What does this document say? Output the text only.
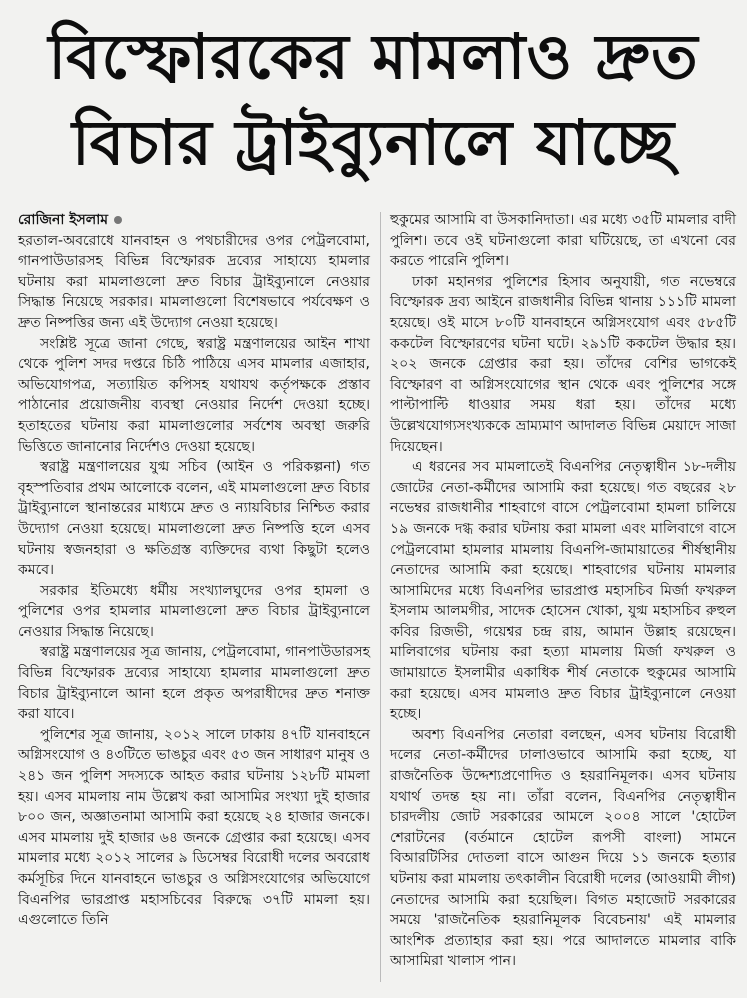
বিস্ফোরকের মামলাও দ্রুত
বিচার ট্রাইব্যুনালে যাচ্ছে
রোজিনা ইসলাম

হরতাল-অবরোধে যানবাহন ও পথচারীদের ওপর পেট্রলবোমা, গানপাউডারসহ বিভিন্ন বিস্ফোরক দ্রব্যের সাহায্যে হামলার ঘটনায় করা মামলাগুলো দ্রুত বিচার ট্রাইব্যুনালে নেওয়ার সিদ্ধান্ত নিয়েছে সরকার। মামলাগুলো বিশেষভাবে পর্যবেক্ষণ ও দ্রুত নিষ্পত্তির জন্য এই উদ্যোগ নেওয়া হয়েছে।

সংশ্লিষ্ট সূত্রে জানা গেছে, স্বরাষ্ট্র মন্ত্রণালয়ের আইন শাখা থেকে পুলিশ সদর দপ্তরে চিঠি পাঠিয়ে এসব মামলার এজাহার, অভিযোগপত্র, সত্যায়িত কপিসহ যথাযথ কর্তৃপক্ষকে প্রস্তাব পাঠানোর প্রয়োজনীয় ব্যবস্থা নেওয়ার নির্দেশ দেওয়া হচ্ছে। হতাহতের ঘটনায় করা মামলাগুলোর সর্বশেষ অবস্থা জরুরি ভিত্তিতে জানানোর নির্দেশও দেওয়া হয়েছে।

স্বরাষ্ট্র মন্ত্রণালয়ের যুগ্ম সচিব (আইন ও পরিকল্পনা) গত বৃহস্পতিবার প্রথম আলোকে বলেন, এই মামলাগুলো দ্রুত বিচার ট্রাইব্যুনালে স্থানান্তরের মাধ্যমে দ্রুত ও ন্যায়বিচার নিশ্চিত করার উদ্যোগ নেওয়া হয়েছে। মামলাগুলো দ্রুত নিষ্পত্তি হলে এসব ঘটনায় স্বজনহারা ও ক্ষতিগ্রস্ত ব্যক্তিদের ব্যথা কিছুটা হলেও কমবে।

সরকার ইতিমধ্যে ধর্মীয় সংখ্যালঘুদের ওপর হামলা ও পুলিশের ওপর হামলার মামলাগুলো দ্রুত বিচার ট্রাইব্যুনালে নেওয়ার সিদ্ধান্ত নিয়েছে।

স্বরাষ্ট্র মন্ত্রণালয়ের সূত্র জানায়, পেট্রলবোমা, গানপাউডারসহ বিভিন্ন বিস্ফোরক দ্রব্যের সাহায্যে হামলার মামলাগুলো দ্রুত বিচার ট্রাইব্যুনালে আনা হলে প্রকৃত অপরাধীদের দ্রুত শনাক্ত করা যাবে।

পুলিশের সূত্র জানায়, ২০১২ সালে ঢাকায় ৪৭টি যানবাহনে অগ্নিসংযোগ ও ৪৩টিতে ভাঙচুর এবং ৫৩ জন সাধারণ মানুষ ও ২৪১ জন পুলিশ সদস্যকে আহত করার ঘটনায় ১২৮টি মামলা হয়। এসব মামলায় নাম উল্লেখ করা আসামির সংখ্যা দুই হাজার ৮০০ জন, অজ্ঞাতনামা আসামি করা হয়েছে ২৪ হাজার জনকে। এসব মামলায় দুই হাজার ৬৪ জনকে গ্রেপ্তার করা হয়েছে। এসব মামলার মধ্যে ২০১২ সালের ৯ ডিসেম্বর বিরোধী দলের অবরোধ কর্মসূচির দিনে যানবাহনে ভাঙচুর ও অগ্নিসংযোগের অভিযোগে বিএনপির ভারপ্রাপ্ত মহাসচিবের বিরুদ্ধে ৩৭টি মামলা হয়। এগুলোতে তিনি

হুকুমের আসামি বা উসকানিদাতা। এর মধ্যে ৩৫টি মামলার বাদী পুলিশ। তবে ওই ঘটনাগুলো কারা ঘটিয়েছে, তা এখনো বের করতে পারেনি পুলিশ।

ঢাকা মহানগর পুলিশের হিসাব অনুযায়ী, গত নভেম্বরে বিস্ফোরক দ্রব্য আইনে রাজধানীর বিভিন্ন থানায় ১১১টি মামলা হয়েছে। ওই মাসে ৮০টি যানবাহনে অগ্নিসংযোগ এবং ৫৮৫টি ককটেল বিস্ফোরণের ঘটনা ঘটে। ২৯১টি ককটেল উদ্ধার হয়। ২০২ জনকে গ্রেপ্তার করা হয়। তাঁদের বেশির ভাগকেই বিস্ফোরণ বা অগ্নিসংযোগের স্থান থেকে এবং পুলিশের সঙ্গে পাল্টাপাল্টি ধাওয়ার সময় ধরা হয়। তাঁদের মধ্যে উল্লেখযোগ্যসংখ্যককে ভ্রাম্যমাণ আদালত বিভিন্ন মেয়াদে সাজা দিয়েছেন।

এ ধরনের সব মামলাতেই বিএনপির নেতৃত্বাধীন ১৮-দলীয় জোটের নেতা-কর্মীদের আসামি করা হয়েছে। গত বছরের ২৮ নভেম্বর রাজধানীর শাহবাগে বাসে পেট্রলবোমা হামলা চালিয়ে ১৯ জনকে দগ্ধ করার ঘটনায় করা মামলা এবং মালিবাগে বাসে পেট্রলবোমা হামলার মামলায় বিএনপি-জামায়াতের শীর্ষস্থানীয় নেতাদের আসামি করা হয়েছে। শাহবাগের ঘটনায় মামলার আসামিদের মধ্যে বিএনপির ভারপ্রাপ্ত মহাসচিব মির্জা ফখরুল ইসলাম আলমগীর, সাদেক হোসেন খোকা, যুগ্ম মহাসচিব রুহুল কবির রিজভী, গয়েশ্বর চন্দ্র রায়, আমান উল্লাহ রয়েছেন। মালিবাগের ঘটনায় করা হত্যা মামলায় মির্জা ফখরুল ও জামায়াতে ইসলামীর একাধিক শীর্ষ নেতাকে হুকুমের আসামি করা হয়েছে। এসব মামলাও দ্রুত বিচার ট্রাইব্যুনালে নেওয়া হচ্ছে।

অবশ্য বিএনপির নেতারা বলছেন, এসব ঘটনায় বিরোধী দলের নেতা-কর্মীদের ঢালাওভাবে আসামি করা হচ্ছে, যা রাজনৈতিক উদ্দেশ্যপ্রণোদিত ও হয়রানিমূলক। এসব ঘটনায় যথার্থ তদন্ত হয় না। তাঁরা বলেন, বিএনপির নেতৃত্বাধীন চারদলীয় জোট সরকারের আমলে ২০০৪ সালে 'হোটেল শেরাটনের (বর্তমানে হোটেল রূপসী বাংলা) সামনে বিআরটিসির দোতলা বাসে আগুন দিয়ে ১১ জনকে হত্যার ঘটনায় করা মামলায় তৎকালীন বিরোধী দলের (আওয়ামী লীগ) নেতাদের আসামি করা হয়েছিল। বিগত মহাজোট সরকারের সময়ে 'রাজনৈতিক হয়রানিমূলক বিবেচনায়' এই মামলার আংশিক প্রত্যাহার করা হয়। পরে আদালতে মামলার বাকি আসামিরা খালাস পান।
